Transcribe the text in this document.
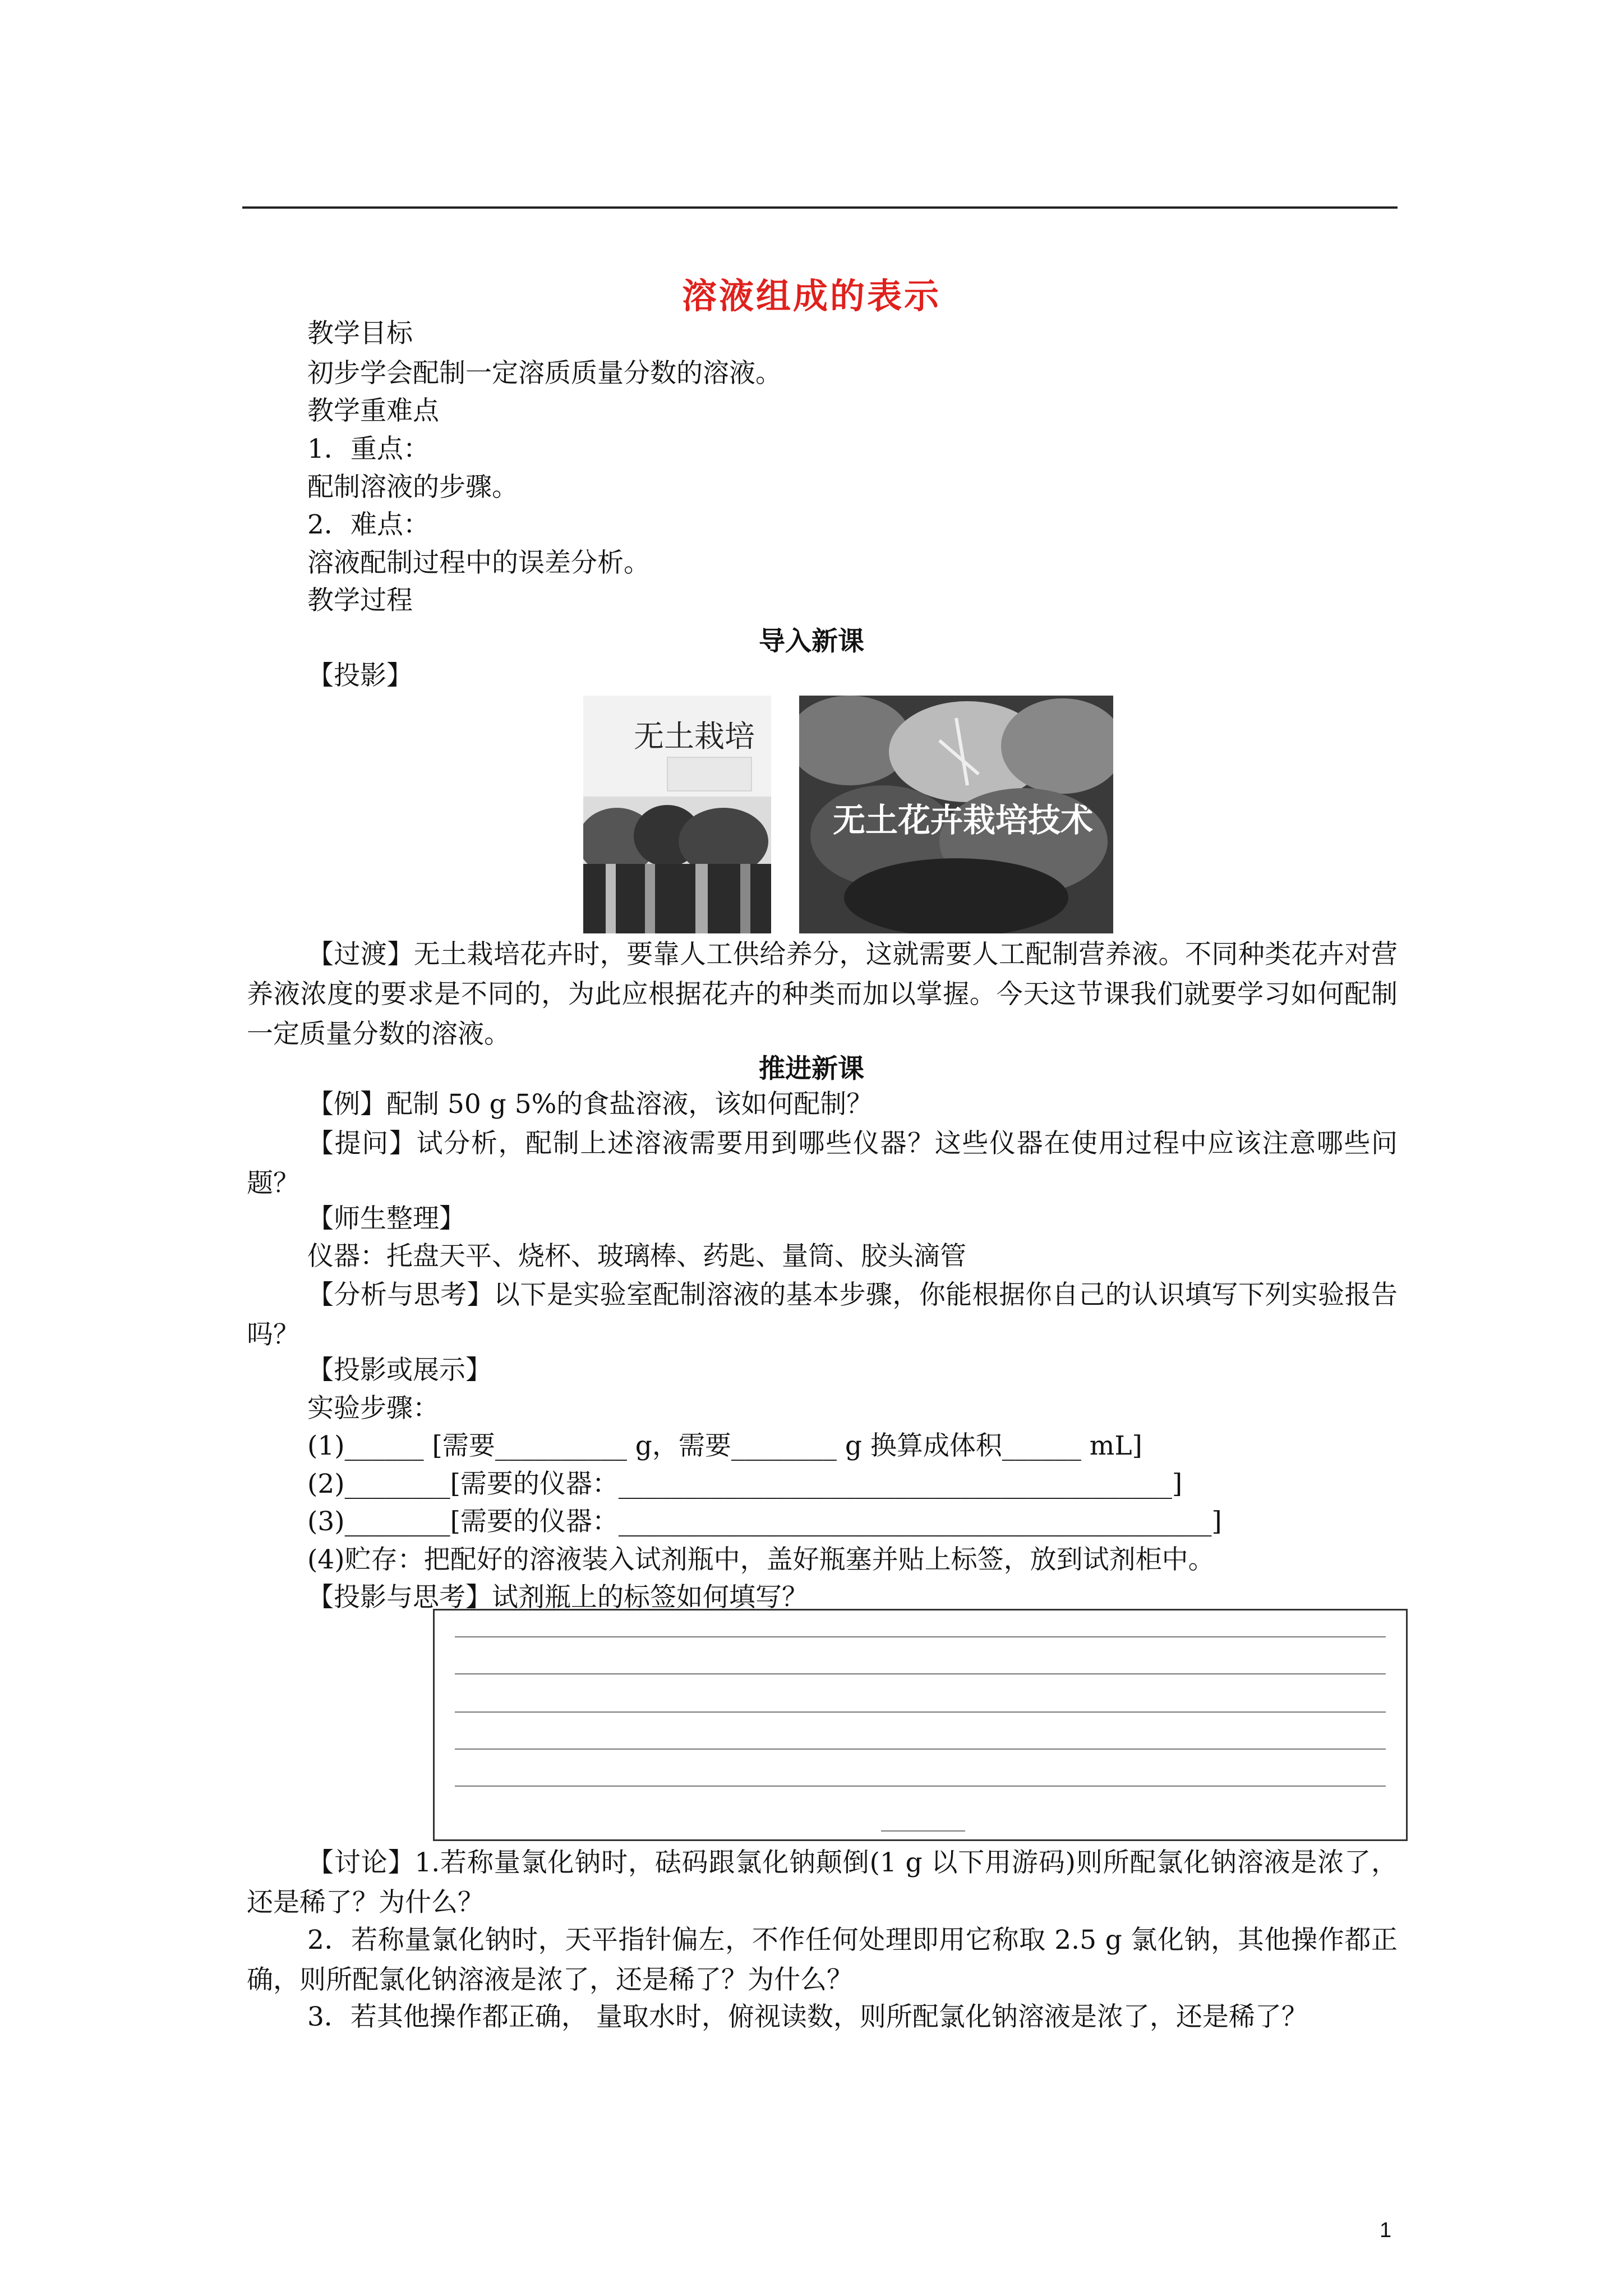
溶液组成的表示
教学目标
初步学会配制一定溶质质量分数的溶液。
教学重难点
1．重点：
配制溶液的步骤。
2．难点：
溶液配制过程中的误差分析。
教学过程
导入新课
【投影】
无土栽培
无土花卉栽培技术
【过渡】无土栽培花卉时，要靠人工供给养分，这就需要人工配制营养液。不同种类花卉对营养液浓度的要求是不同的，为此应根据花卉的种类而加以掌握。今天这节课我们就要学习如何配制一定质量分数的溶液。
推进新课
【例】配制 50 g 5%的食盐溶液，该如何配制？
【提问】试分析，配制上述溶液需要用到哪些仪器？这些仪器在使用过程中应该注意哪些问题？
【师生整理】
仪器：托盘天平、烧杯、玻璃棒、药匙、量筒、胶头滴管
【分析与思考】以下是实验室配制溶液的基本步骤，你能根据你自己的认识填写下列实验报告吗？
【投影或展示】
实验步骤：
(1)______ [需要__________ g，需要________ g 换算成体积______ mL]
(2)________[需要的仪器：__________________________________________]
(3)________[需要的仪器：_____________________________________________]
(4)贮存：把配好的溶液装入试剂瓶中，盖好瓶塞并贴上标签，放到试剂柜中。
【投影与思考】试剂瓶上的标签如何填写？
【讨论】1.若称量氯化钠时，砝码跟氯化钠颠倒(1 g 以下用游码)则所配氯化钠溶液是浓了，还是稀了？为什么？
2．若称量氯化钠时，天平指针偏左，不作任何处理即用它称取 2.5 g 氯化钠，其他操作都正确，则所配氯化钠溶液是浓了，还是稀了？为什么？
3．若其他操作都正确， 量取水时，俯视读数，则所配氯化钠溶液是浓了，还是稀了？
1
